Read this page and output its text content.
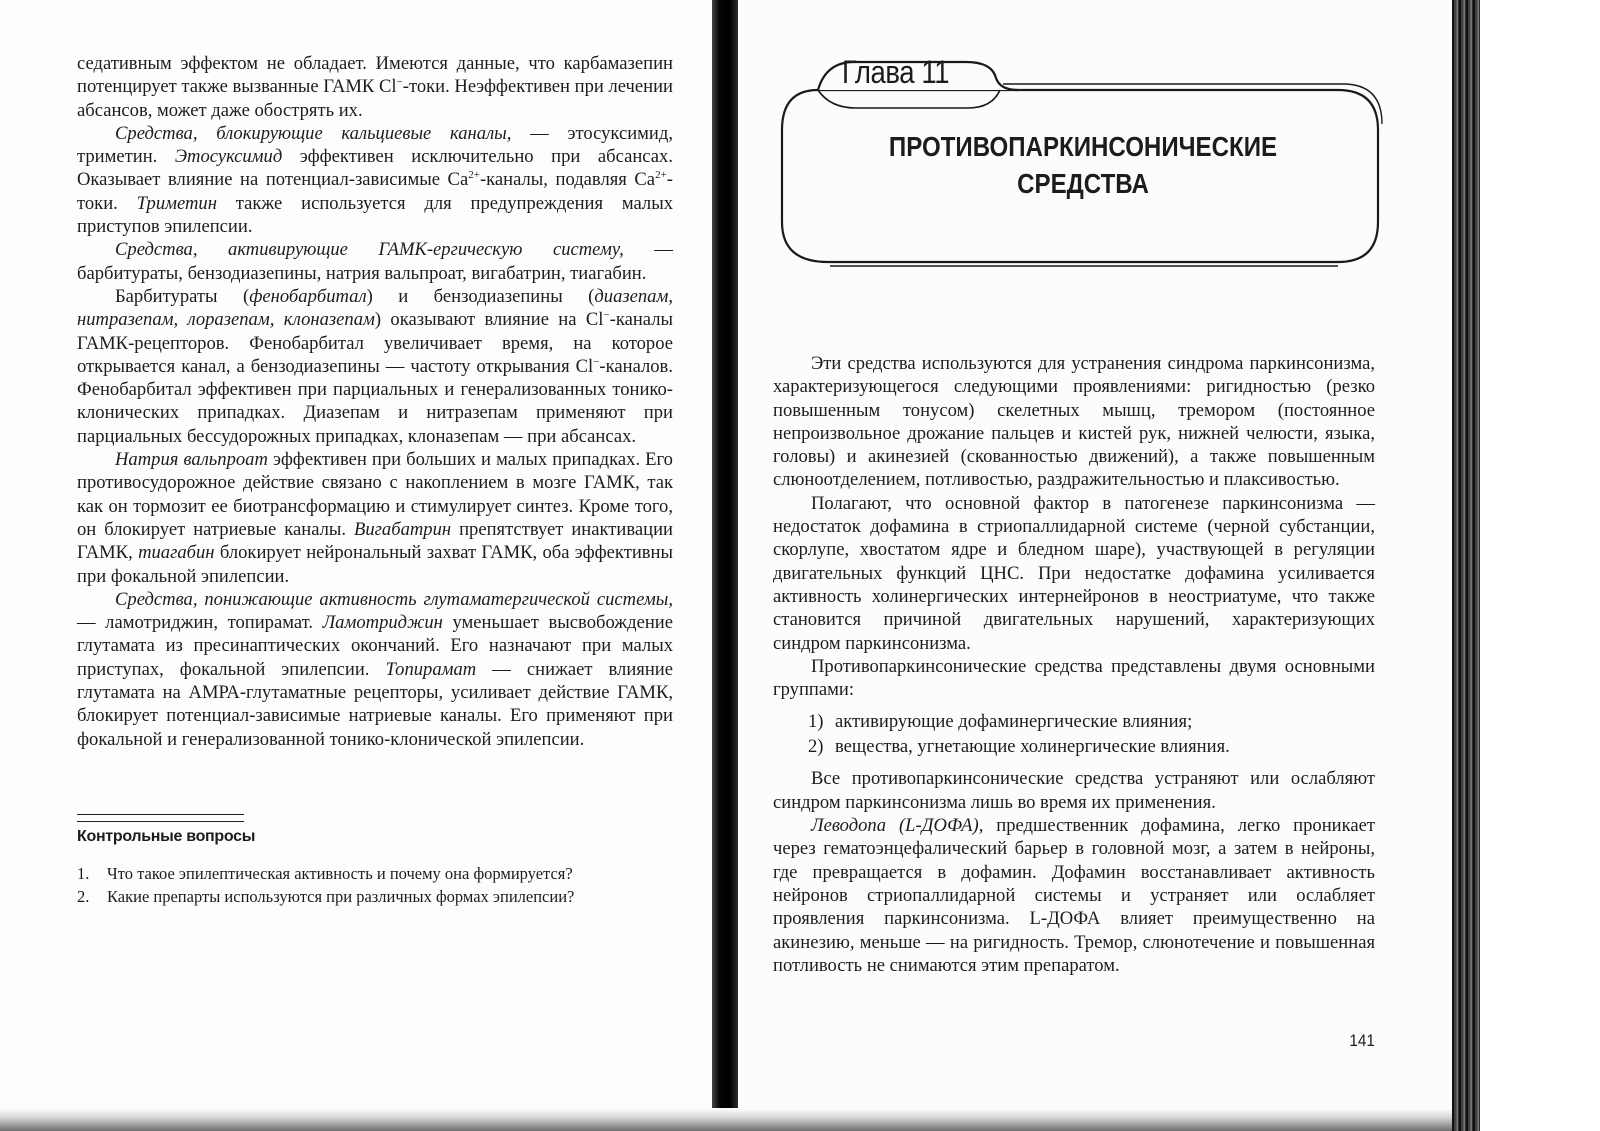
седативным эффектом не обладает. Имеются данные, что карбамазепин потенцирует также вызванные ГАМК Cl−-токи. Неэффективен при лечении абсансов, может даже обострять их.

Средства, блокирующие кальциевые каналы, — этосуксимид, триметин. Этосуксимид эффективен исключительно при абсансах. Оказывает влияние на потенциал-зависимые $Ca^{2+}$-каналы, подавляя $Ca^{2+}$-токи. Триметин также используется для предупреждения малых приступов эпилепсии.

Средства, активирующие ГАМК-ергическую систему, — барбитураты, бензодиазепины, натрия вальпроат, вигабатрин, тиагабин.

Барбитураты (фенобарбитал) и бензодиазепины (диазепам, нитразепам, лоразепам, клоназепам) оказывают влияние на Cl−-каналы ГАМК-рецепторов. Фенобарбитал увеличивает время, на которое открывается канал, а бензодиазепины — частоту открывания Cl−-каналов. Фенобарбитал эффективен при парциальных и генерализованных тонико-клонических припадках. Диазепам и нитразепам применяют при парциальных бессудорожных припадках, клоназепам — при абсансах.

Натрия вальпроат эффективен при больших и малых припадках. Его противосудорожное действие связано с накоплением в мозге ГАМК, так как он тормозит ее биотрансформацию и стимулирует синтез. Кроме того, он блокирует натриевые каналы. Вигабатрин препятствует инактивации ГАМК, тиагабин блокирует нейрональный захват ГАМК, оба эффективны при фокальной эпилепсии.

Средства, понижающие активность глутаматергической системы, — ламотриджин, топирамат. Ламотриджин уменьшает высвобождение глутамата из пресинаптических окончаний. Его назначают при малых приступах, фокальной эпилепсии. Топирамат — снижает влияние глутамата на АМРА-глутаматные рецепторы, усиливает действие ГАМК, блокирует потенциал-зависимые натриевые каналы. Его применяют при фокальной и генерализованной тонико-клонической эпилепсии.

Контрольные вопросы
1.	Что такое эпилептическая активность и почему она формируется?
2.	Какие препарты используются при различных формах эпилепсии?
Глава 11
ПРОТИВОПАРКИНСОНИЧЕСКИЕ
СРЕДСТВА

Эти средства используются для устранения синдрома паркинсонизма, характеризующегося следующими проявлениями: ригидностью (резко повышенным тонусом) скелетных мышц, тремором (постоянное непроизвольное дрожание пальцев и кистей рук, нижней челюсти, языка, головы) и акинезией (скованностью движений), а также повышенным слюноотделением, потливостью, раздражительностью и плаксивостью.

Полагают, что основной фактор в патогенезе паркинсонизма — недостаток дофамина в стриопаллидарной системе (черной субстанции, скорлупе, хвостатом ядре и бледном шаре), участвующей в регуляции двигательных функций ЦНС. При недостатке дофамина усиливается активность холинергических интернейронов в неостриатуме, что также становится причиной двигательных нарушений, характеризующих синдром паркинсонизма.

Противопаркинсонические средства представлены двумя основными группами:

1) активирующие дофаминергические влияния;
2) вещества, угнетающие холинергические влияния.

Все противопаркинсонические средства устраняют или ослабляют синдром паркинсонизма лишь во время их применения.

Леводопа (L-ДОФА), предшественник дофамина, легко проникает через гематоэнцефалический барьер в головной мозг, а затем в нейроны, где превращается в дофамин. Дофамин восстанавливает активность нейронов стриопаллидарной системы и устраняет или ослабляет проявления паркинсонизма. L-ДОФА влияет преимущественно на акинезию, меньше — на ригидность. Тремор, слюнотечение и повышенная потливость не снимаются этим препаратом.

141
